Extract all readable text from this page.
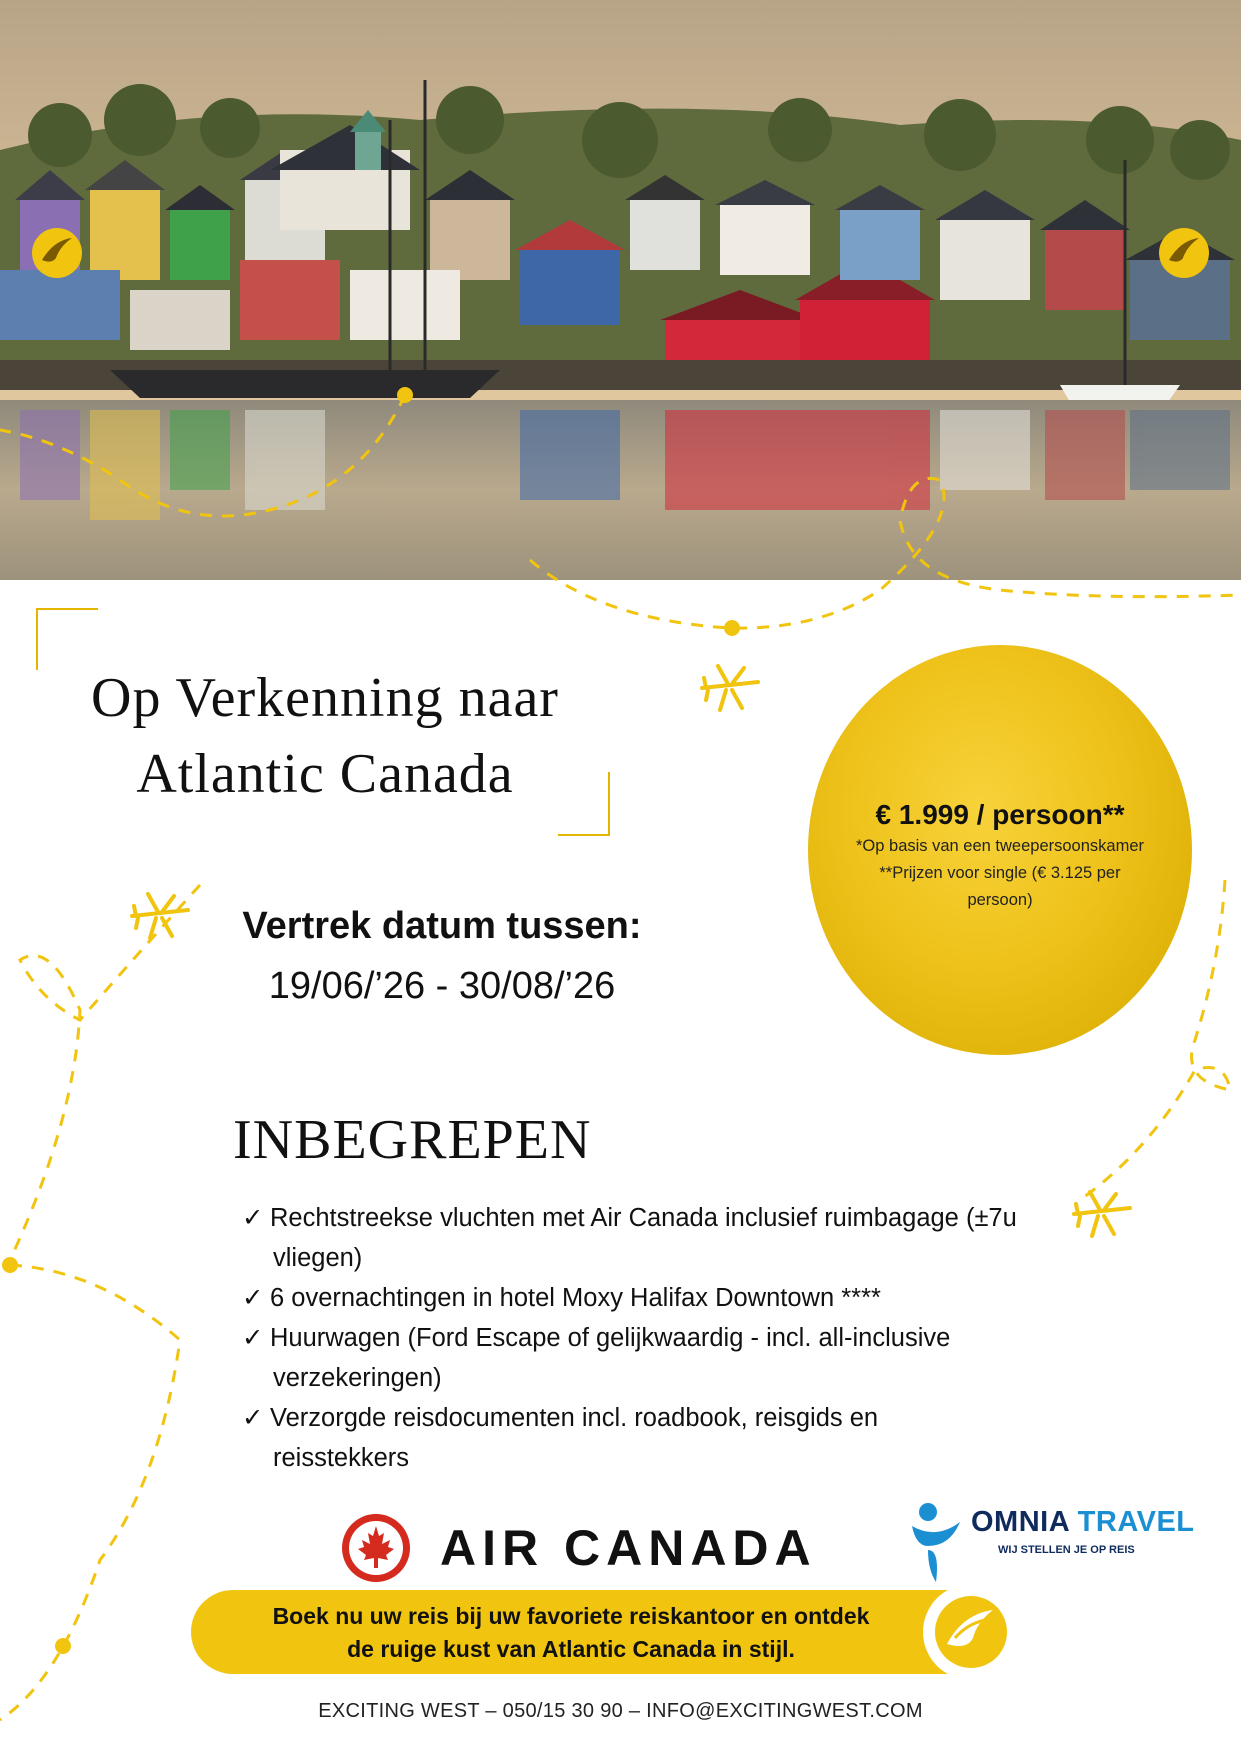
Op Verkenning naar
Atlantic Canada
€ 1.999 / persoon**
*Op basis van een tweepersoonskamer
**Prijzen voor single (€ 3.125 per persoon)
Vertrek datum tussen:
19/06/’26 - 30/08/’26
INBEGREPEN
✓ Rechtstreekse vluchten met Air Canada inclusief ruimbagage (±7u vliegen)
✓ 6 overnachtingen in hotel Moxy Halifax Downtown ****
✓ Huurwagen (Ford Escape of gelijkwaardig - incl. all-inclusive verzekeringen)
✓ Verzorgde reisdocumenten incl. roadbook, reisgids en reisstekkers
AIR CANADA	OMNIA TRAVEL
WIJ STELLEN JE OP REIS
Boek nu uw reis bij uw favoriete reiskantoor en ontdek
de ruige kust van Atlantic Canada in stijl.
EXCITING WEST – 050/15 30 90 – INFO@EXCITINGWEST.COM
